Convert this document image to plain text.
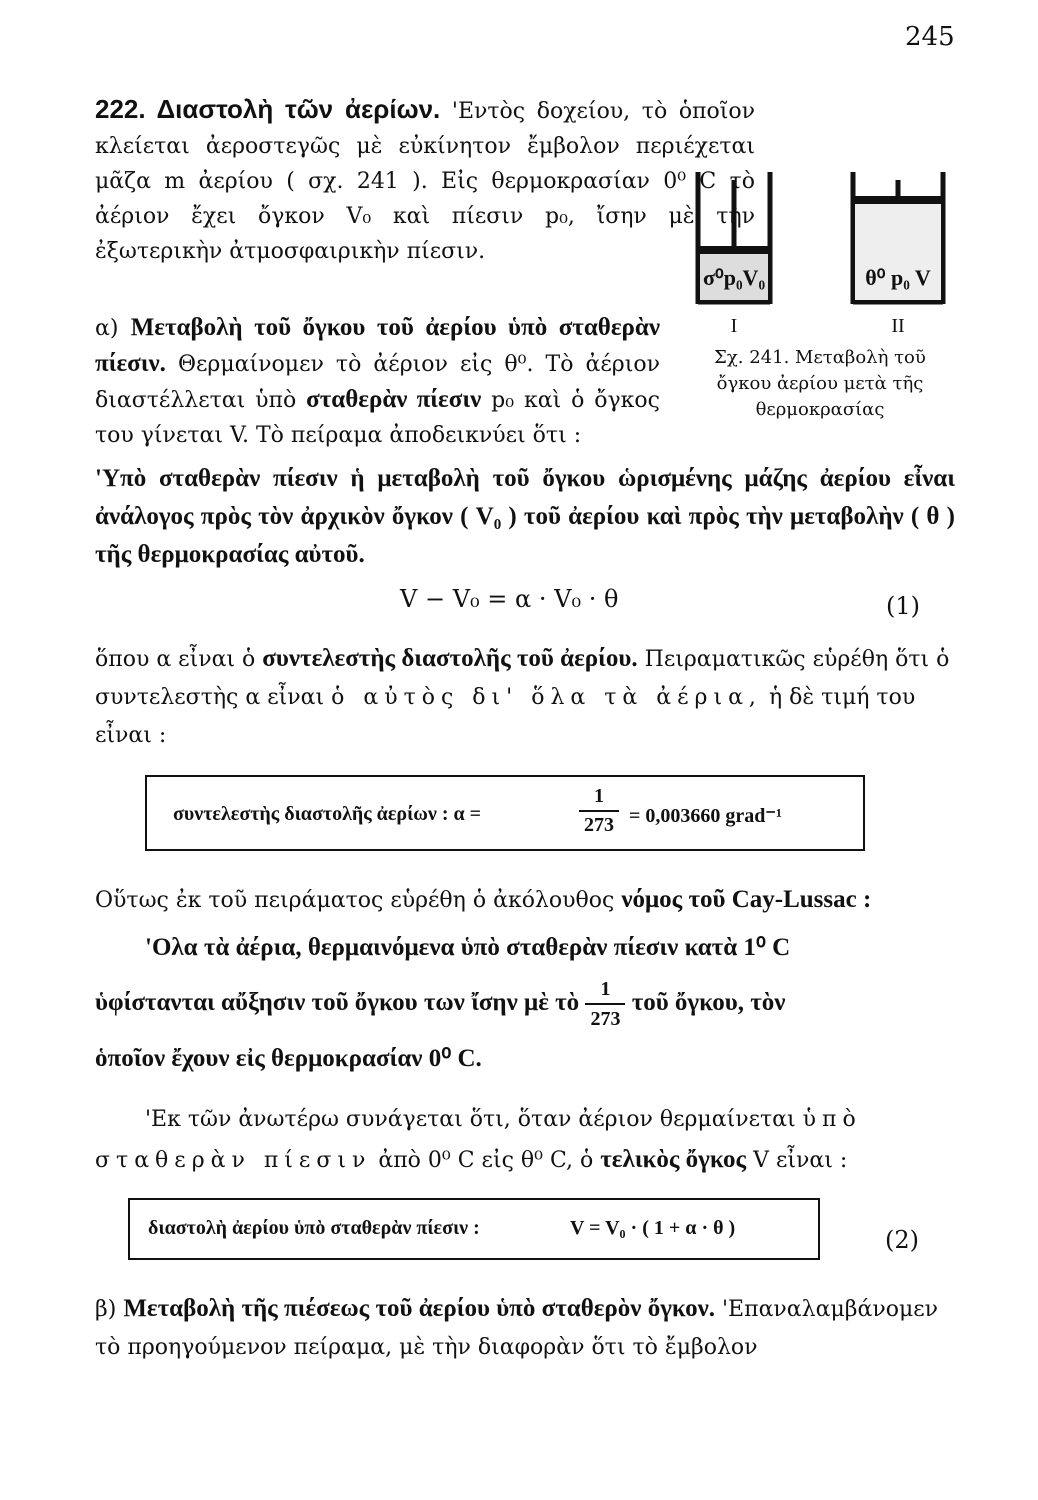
245

222. Διαστολὴ τῶν ἀερίων. 'Εντὸς δοχείου, τὸ ὁποῖον κλείεται ἀεροστεγῶς μὲ εὐκίνητον ἔμβολον περιέχεται μᾶζα m ἀερίου ( σχ. 241 ). Εἰς θερμοκρασίαν 0⁰ C τὸ ἀέριον ἔχει ὄγκον V₀ καὶ πίεσιν p₀, ἴσην μὲ τὴν ἐξωτερικὴν ἀτμοσφαιρικὴν πίεσιν.

α) Μεταβολὴ τοῦ ὄγκου τοῦ ἀερίου ὑπὸ σταθερὰν πίεσιν. Θερμαίνομεν τὸ ἀέριον εἰς θ⁰. Τὸ ἀέριον διαστέλλεται ὑπὸ σταθερὰν πίεσιν p₀ καὶ ὁ ὄγκος του γίνεται V. Τὸ πείραμα ἀποδεικνύει ὅτι :

σ⁰p₀V₀
I
θ⁰ p₀ V
II
Σχ. 241. Μεταβολὴ τοῦ
ὄγκου ἀερίου μετὰ τῆς
θερμοκρασίας
'Υπὸ σταθερὰν πίεσιν ἡ μεταβολὴ τοῦ ὄγκου ὡρισμένης μάζης ἀερίου εἶναι ἀνάλογος πρὸς τὸν ἀρχικὸν ὄγκον ( V₀ ) τοῦ ἀερίου καὶ πρὸς τὴν μεταβολὴν ( θ ) τῆς θερμοκρασίας αὐτοῦ.
V − V₀ = α · V₀ · θ	(1)
ὅπου α εἶναι ὁ συντελεστὴς διαστολῆς τοῦ ἀερίου. Πειραματικῶς εὑρέθη ὅτι ὁ συντελεστὴς α εἶναι ὁ αὐτὸς δι' ὅλα τὰ ἀέρια, ἡ δὲ τιμή του εἶναι :
συντελεστὴς διαστολῆς ἀερίων : α =
1
273 = 0,003660 grad⁻¹
Οὕτως ἐκ τοῦ πειράματος εὑρέθη ὁ ἀκόλουθος νόμος τοῦ Cay-Lussac :
'Ολα τὰ ἀέρια, θερμαινόμενα ὑπὸ σταθερὰν πίεσιν κατὰ 1⁰ C
ὑφίστανται αὔξησιν τοῦ ὄγκου των ἴσην μὲ τὸ $\frac{1}{273}$ τοῦ ὄγκου, τὸν
ὁποῖον ἔχουν εἰς θερμοκρασίαν 0⁰ C.
'Εκ τῶν ἀνωτέρω συνάγεται ὅτι, ὅταν ἀέριον θερμαίνεται ὑπὸ σταθερὰν πίεσιν ἀπὸ 0⁰ C εἰς θ⁰ C, ὁ τελικὸς ὄγκος V εἶναι :
διαστολὴ ἀερίου ὑπὸ σταθερὰν πίεσιν :	V = V₀ · ( 1 + α · θ )	(2)
β) Μεταβολὴ τῆς πιέσεως τοῦ ἀερίου ὑπὸ σταθερὸν ὄγκον. 'Επαναλαμβάνομεν τὸ προηγούμενον πείραμα, μὲ τὴν διαφορὰν ὅτι τὸ ἔμβολον
